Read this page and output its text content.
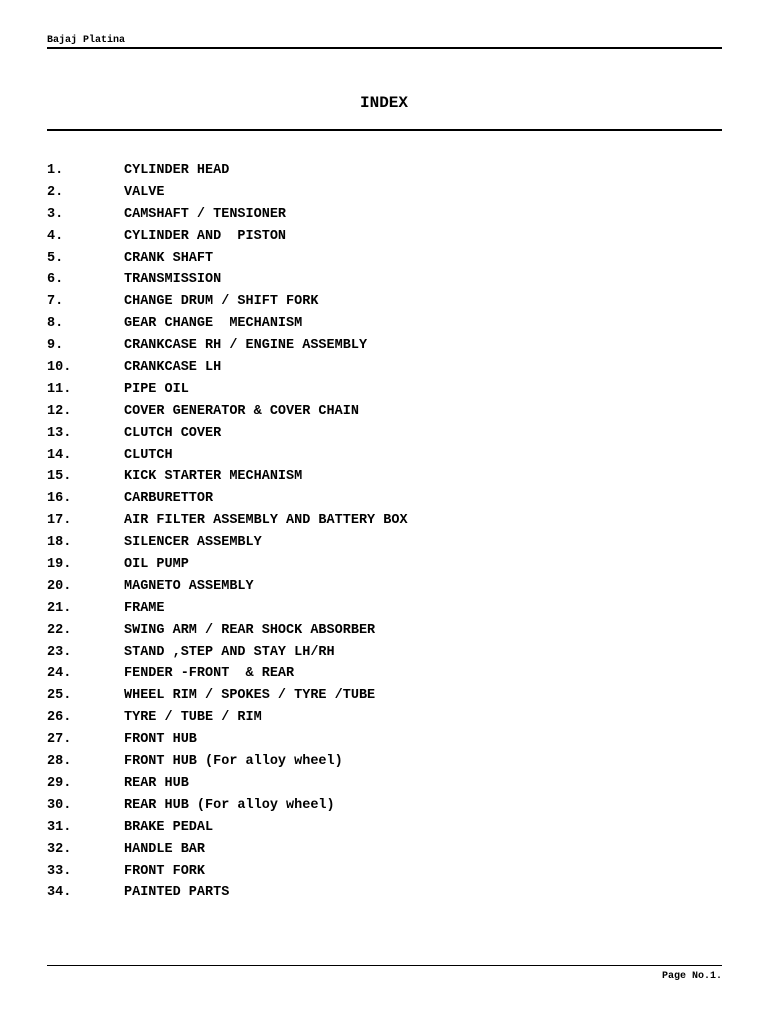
Bajaj Platina
INDEX
1.	CYLINDER HEAD
2.	VALVE
3.	CAMSHAFT / TENSIONER
4.	CYLINDER AND  PISTON
5.	CRANK SHAFT
6.	TRANSMISSION
7.	CHANGE DRUM / SHIFT FORK
8.	GEAR CHANGE  MECHANISM
9.	CRANKCASE RH / ENGINE ASSEMBLY
10.	CRANKCASE LH
11.	PIPE OIL
12.	COVER GENERATOR & COVER CHAIN
13.	CLUTCH COVER
14.	CLUTCH
15.	KICK STARTER MECHANISM
16.	CARBURETTOR
17.	AIR FILTER ASSEMBLY AND BATTERY BOX
18.	SILENCER ASSEMBLY
19.	OIL PUMP
20.	MAGNETO ASSEMBLY
21.	FRAME
22.	SWING ARM / REAR SHOCK ABSORBER
23.	STAND ,STEP AND STAY LH/RH
24.	FENDER -FRONT  & REAR
25.	WHEEL RIM / SPOKES / TYRE /TUBE
26.	TYRE / TUBE / RIM
27.	FRONT HUB
28.	FRONT HUB (For alloy wheel)
29.	REAR HUB
30.	REAR HUB (For alloy wheel)
31.	BRAKE PEDAL
32.	HANDLE BAR
33.	FRONT FORK
34.	PAINTED PARTS
Page No.1.
